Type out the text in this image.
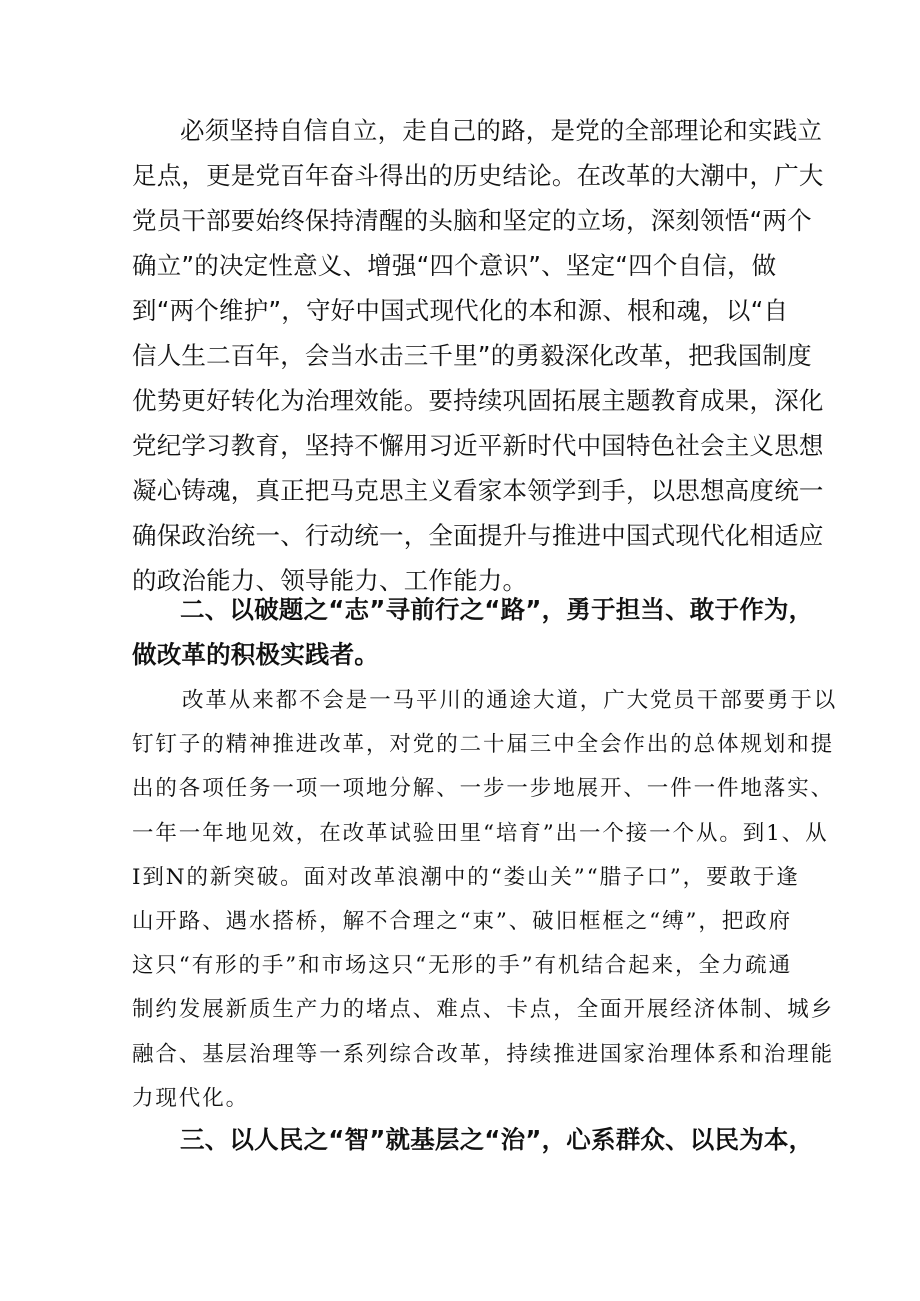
必须坚持自信自立，走自己的路，是党的全部理论和实践立
足点，更是党百年奋斗得出的历史结论。在改革的大潮中，广大
党员干部要始终保持清醒的头脑和坚定的立场，深刻领悟“两个
确立”的决定性意义、增强“四个意识”、坚定“四个自信，做
到“两个维护”，守好中国式现代化的本和源、根和魂，以“自
信人生二百年，会当水击三千里”的勇毅深化改革，把我国制度
优势更好转化为治理效能。要持续巩固拓展主题教育成果，深化
党纪学习教育，坚持不懈用习近平新时代中国特色社会主义思想
凝心铸魂，真正把马克思主义看家本领学到手，以思想高度统一
确保政治统一、行动统一，全面提升与推进中国式现代化相适应
的政治能力、领导能力、工作能力。
二、以破题之“志”寻前行之“路”，勇于担当、敢于作为，
做改革的积极实践者。
改革从来都不会是一马平川的通途大道，广大党员干部要勇于以
钉钉子的精神推进改革，对党的二十届三中全会作出的总体规划和提
出的各项任务一项一项地分解、一步一步地展开、一件一件地落实、
一年一年地见效，在改革试验田里“培育”出一个接一个从。到1、从
I到N的新突破。面对改革浪潮中的“娄山关”“腊子口”，要敢于逢
山开路、遇水搭桥，解不合理之“束”、破旧框框之“缚”，把政府
这只“有形的手”和市场这只“无形的手”有机结合起来，全力疏通
制约发展新质生产力的堵点、难点、卡点，全面开展经济体制、城乡
融合、基层治理等一系列综合改革，持续推进国家治理体系和治理能
力现代化。
三、以人民之“智”就基层之“治”，心系群众、以民为本，
